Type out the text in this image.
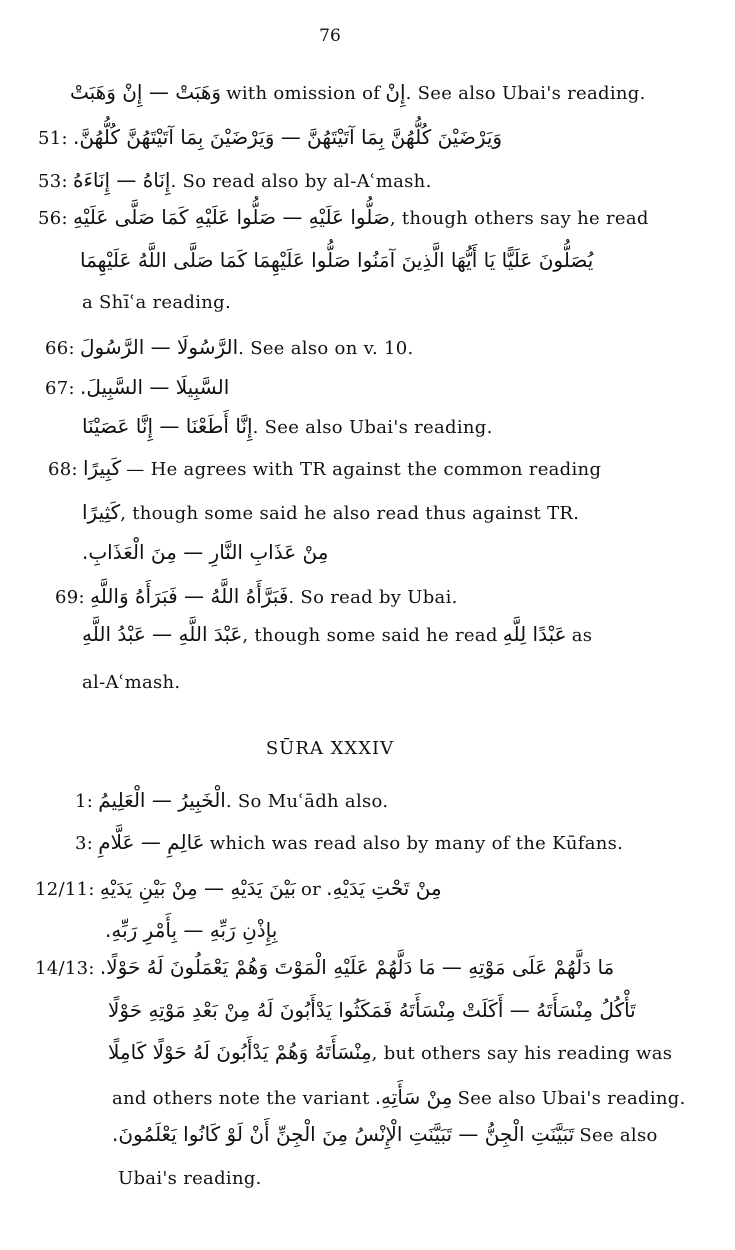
76
وَهَبَتْ — إِنْ وَهَبَتْ with omission of إِنْ. See also Ubai's reading.
51: وَيَرْضَيْنَ كُلُّهُنَّ بِمَا آتَيْتَهُنَّ — وَيَرْضَيْنَ بِمَا آتَيْتَهُنَّ كُلُّهُنَّ.
53: إِنَاهُ — إِنَاءَهُ. So read also by al-Aʿmash.
56: صَلُّوا عَلَيْهِ — صَلُّوا عَلَيْهِ كَمَا صَلَّى عَلَيْهِ, though others say he read
يُصَلُّونَ عَلَيًّا يَا أَيُّهَا الَّذِينَ آمَنُوا صَلُّوا عَلَيْهِمَا كَمَا صَلَّى اللَّهُ عَلَيْهِمَا
a Shīʿa reading.
66: الرَّسُولَا — الرَّسُولَ. See also on v. 10.
67: السَّبِيلَا — السَّبِيلَ.
إِنَّا أَطَعْنَا — إِنَّا عَصَيْنَا. See also Ubai's reading.
68: كَبِيرًا — He agrees with TR against the common reading
كَثِيرًا, though some said he also read thus against TR.
مِنْ عَذَابِ النَّارِ — مِنَ الْعَذَابِ.
69: فَبَرَّأَهُ اللَّهُ — فَبَرَأَهُ وَاللَّهِ. So read by Ubai.
عَبْدَ اللَّهِ — عَبْدُ اللَّهِ, though some said he read عَبْدًا لِلَّهِ as
al-Aʿmash.
SŪRA XXXIV
1: الْخَبِيرُ — الْعَلِيمُ. So Muʿādh also.
3: عَالِمِ — عَلَّامِ which was read also by many of the Kūfans.
12/11: بَيْنَ يَدَيْهِ — مِنْ بَيْنِ يَدَيْهِ or مِنْ تَحْتِ يَدَيْهِ.
بِإِذْنِ رَبِّهِ — بِأَمْرِ رَبِّهِ.
14/13: مَا دَلَّهُمْ عَلَى مَوْتِهِ — مَا دَلَّهُمْ عَلَيْهِ الْمَوْتَ وَهُمْ يَعْمَلُونَ لَهُ حَوْلًا.
تَأْكُلُ مِنْسَأَتَهُ — أَكَلَتْ مِنْسَأَتَهُ فَمَكَثُوا يَدْأَبُونَ لَهُ مِنْ بَعْدِ مَوْتِهِ حَوْلًا
مِنْسَأَتَهُ وَهُمْ يَدْأَبُونَ لَهُ حَوْلًا كَامِلًا, but others say his reading was
and others note the variant مِنْ سَأَتِهِ. See also Ubai's reading.
تَبَيَّنَتِ الْجِنُّ — تَبَيَّنَتِ الْإِنْسُ مِنَ الْجِنِّ أَنْ لَوْ كَانُوا يَعْلَمُونَ. See also
Ubai's reading.
